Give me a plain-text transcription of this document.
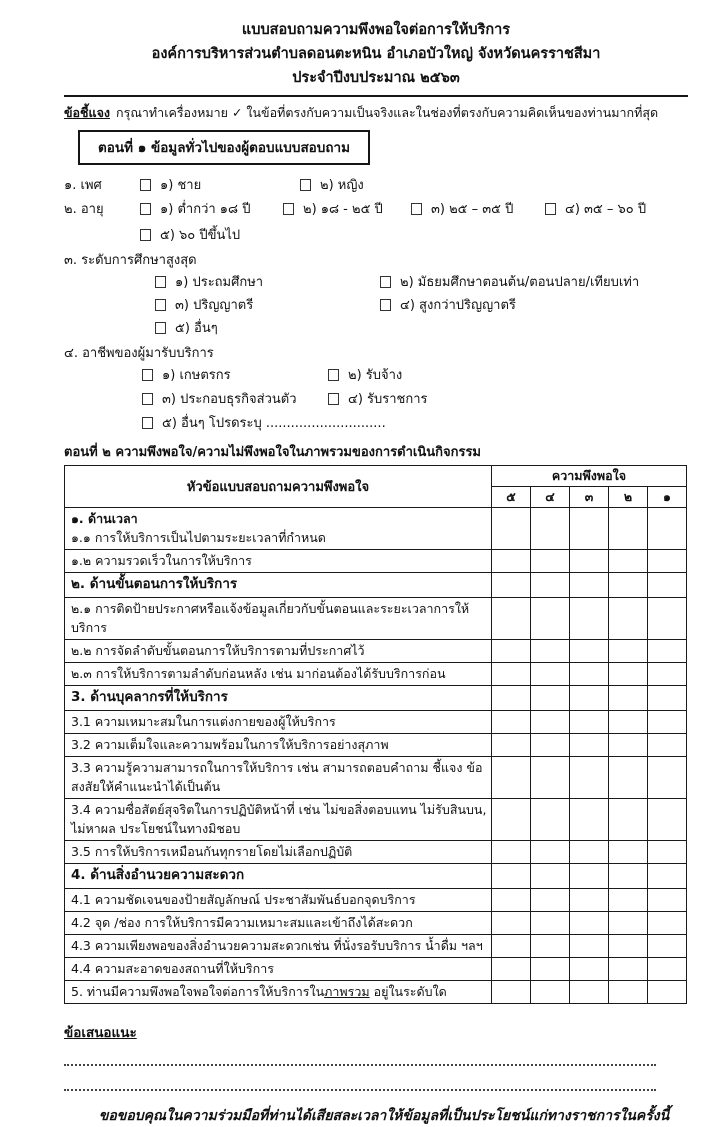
แบบสอบถามความพึงพอใจต่อการให้บริการ
องค์การบริหารส่วนตำบลดอนตะหนิน อำเภอบัวใหญ่ จังหวัดนครราชสีมา
ประจำปีงบประมาณ ๒๕๖๓
ข้อชี้แจง กรุณาทำเครื่องหมาย ✓ ในข้อที่ตรงกับความเป็นจริงและในช่องที่ตรงกับความคิดเห็นของท่านมากที่สุด
ตอนที่ ๑ ข้อมูลทั่วไปของผู้ตอบแบบสอบถาม
๑. เพศ	๑) ชาย	๒) หญิง
๒. อายุ	๑) ต่ำกว่า ๑๘ ปี	๒) ๑๘ - ๒๕ ปี	๓) ๒๕ – ๓๕ ปี	๔) ๓๕ – ๖๐ ปี
๕) ๖๐ ปีขึ้นไป
๓. ระดับการศึกษาสูงสุด
๑) ประถมศึกษา	๒) มัธยมศึกษาตอนต้น/ตอนปลาย/เทียบเท่า
๓) ปริญญาตรี	๔) สูงกว่าปริญญาตรี
๕) อื่นๆ
๔. อาชีพของผู้มารับบริการ
๑) เกษตรกร	๒) รับจ้าง
๓) ประกอบธุรกิจส่วนตัว	๔) รับราชการ
๕) อื่นๆ โปรดระบุ .............................
ตอนที่ ๒ ความพึงพอใจ/ความไม่พึงพอใจในภาพรวมของการดำเนินกิจกรรม
หัวข้อแบบสอบถามความพึงพอใจ	ความพึงพอใจ				
	๕	๔	๓	๒	๑

๑. ด้านเวลา
๑.๑ การให้บริการเป็นไปตามระยะเวลาที่กำหนด					

๑.๒ ความรวดเร็วในการให้บริการ					
๒. ด้านขั้นตอนการให้บริการ					
๒.๑ การติดป้ายประกาศหรือแจ้งข้อมูลเกี่ยวกับขั้นตอนและระยะเวลาการให้บริการ					
๒.๒ การจัดลำดับขั้นตอนการให้บริการตามที่ประกาศไว้					
๒.๓ การให้บริการตามลำดับก่อนหลัง เช่น มาก่อนต้องได้รับบริการก่อน					
3. ด้านบุคลากรที่ให้บริการ					
3.1 ความเหมาะสมในการแต่งกายของผู้ให้บริการ					
3.2 ความเต็มใจและความพร้อมในการให้บริการอย่างสุภาพ					
3.3 ความรู้ความสามารถในการให้บริการ เช่น สามารถตอบคำถาม ชี้แจง ข้อสงสัยให้คำแนะนำได้เป็นต้น					
3.4 ความซื่อสัตย์สุจริตในการปฏิบัติหน้าที่ เช่น ไม่ขอสิ่งตอบแทน ไม่รับสินบน, ไม่หาผล ประโยชน์ในทางมิชอบ					
3.5 การให้บริการเหมือนกันทุกรายโดยไม่เลือกปฏิบัติ					
4. ด้านสิ่งอำนวยความสะดวก					
4.1 ความชัดเจนของป้ายสัญลักษณ์ ประชาสัมพันธ์บอกจุดบริการ					
4.2 จุด /ช่อง การให้บริการมีความเหมาะสมและเข้าถึงได้สะดวก					
4.3 ความเพียงพอของสิ่งอำนวยความสะดวกเช่น ที่นั่งรอรับบริการ น้ำดื่ม ฯลฯ					
4.4 ความสะอาดของสถานที่ให้บริการ					
5. ท่านมีความพึงพอใจพอใจต่อการให้บริการในภาพรวม อยู่ในระดับใด					
ข้อเสนอแนะ
ขอขอบคุณในความร่วมมือที่ท่านได้เสียสละเวลาให้ข้อมูลที่เป็นประโยชน์แก่ทางราชการในครั้งนี้
